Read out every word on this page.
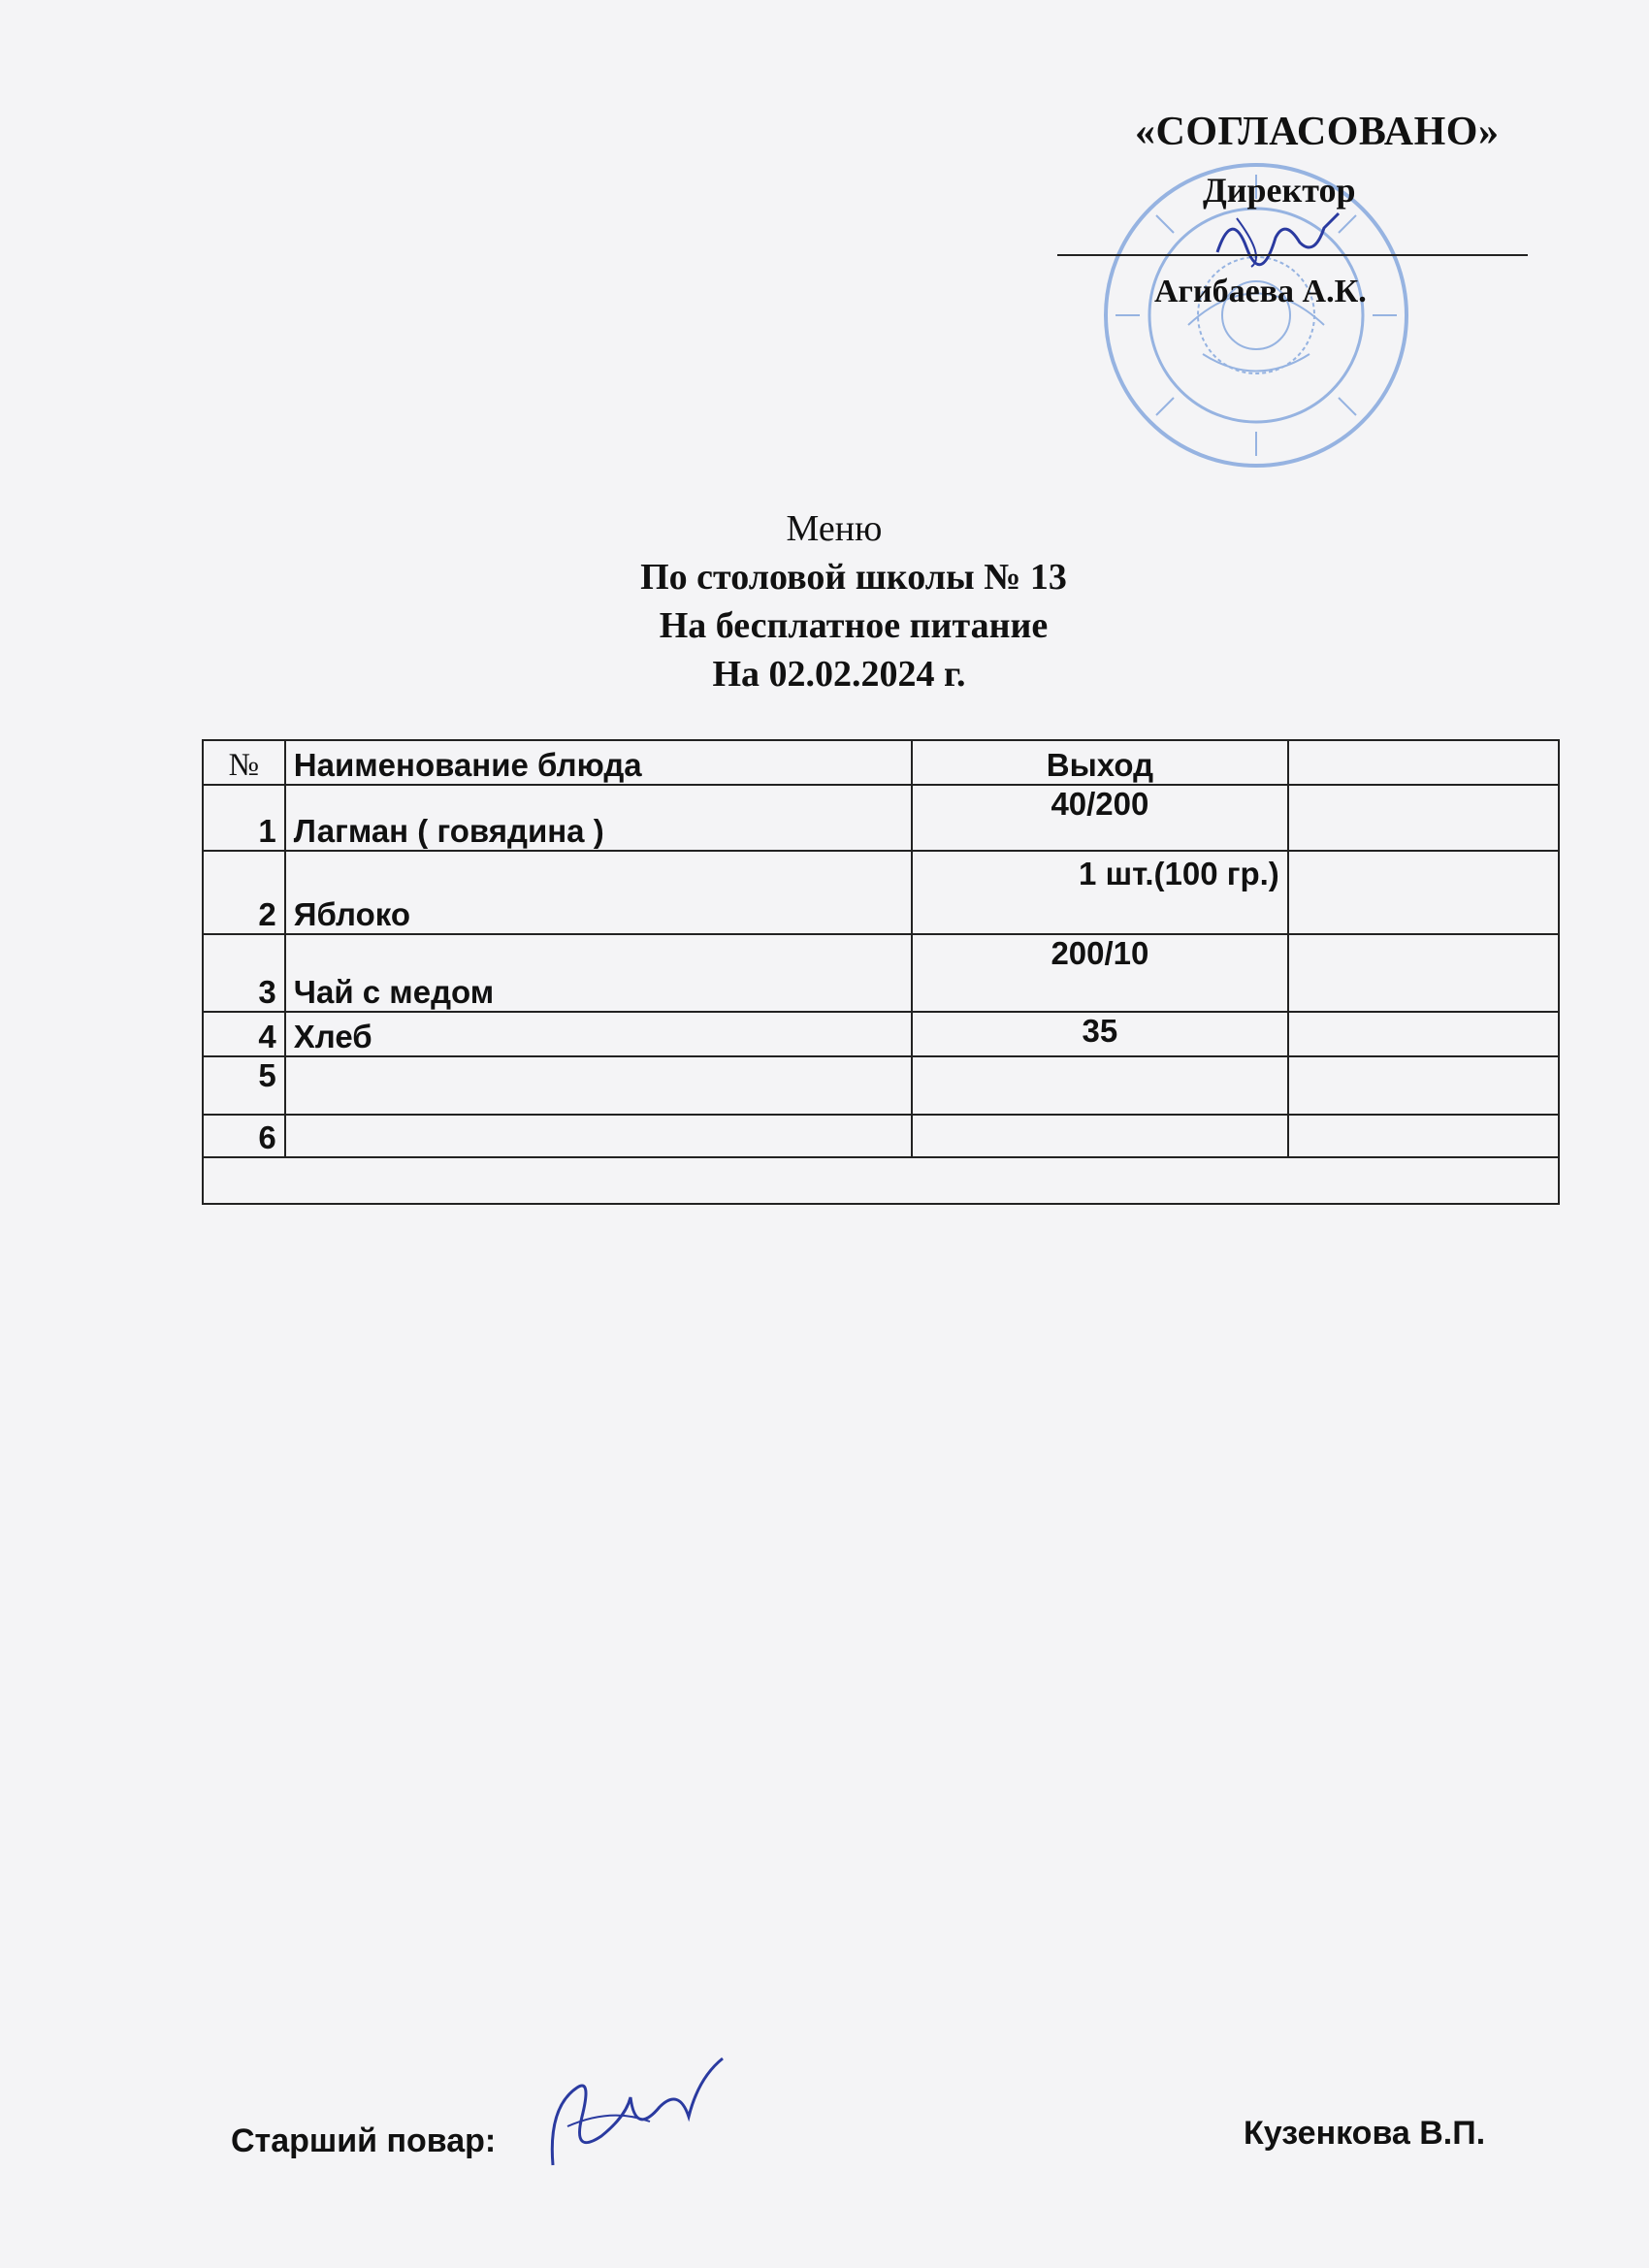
«СОГЛАСОВАНО»
Директор
Агибаева А.К.
Меню
По столовой школы № 13
На бесплатное питание
На 02.02.2024 г.
№	Наименование блюда	Выход	
1	Лагман ( говядина )	40/200	
2	Яблоко	1 шт.(100 гр.)	
3	Чай с медом	200/10	
4	Хлеб	35	
5			
6			

Старший повар:	Кузенкова В.П.
